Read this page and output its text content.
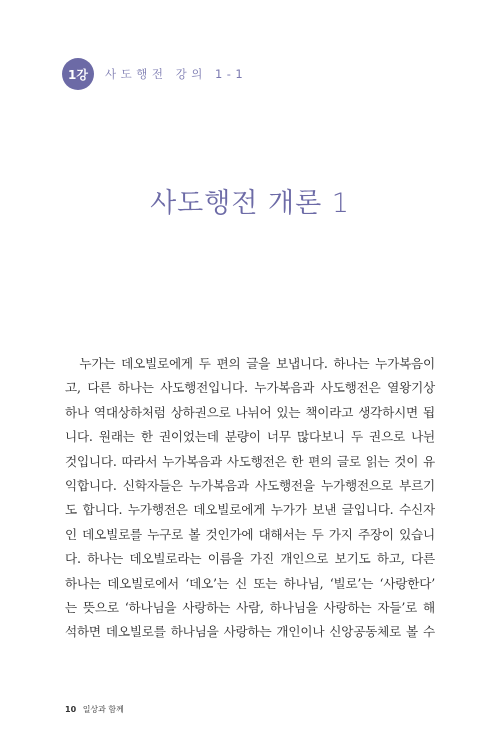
1강	사도행전 강의 1-1
사도행전 개론 1
　누가는 데오빌로에게 두 편의 글을 보냅니다. 하나는 누가복음이
고, 다른 하나는 사도행전입니다. 누가복음과 사도행전은 열왕기상
하나 역대상하처럼 상하권으로 나뉘어 있는 책이라고 생각하시면 됩
니다. 원래는 한 권이었는데 분량이 너무 많다보니 두 권으로 나뉜
것입니다. 따라서 누가복음과 사도행전은 한 편의 글로 읽는 것이 유
익합니다. 신학자들은 누가복음과 사도행전을 누가행전으로 부르기
도 합니다. 누가행전은 데오빌로에게 누가가 보낸 글입니다. 수신자
인 데오빌로를 누구로 볼 것인가에 대해서는 두 가지 주장이 있습니
다. 하나는 데오빌로라는 이름을 가진 개인으로 보기도 하고, 다른
하나는 데오빌로에서 ‘데오’는 신 또는 하나님, ‘빌로’는 ‘사랑한다’
는 뜻으로 ‘하나님을 사랑하는 사람, 하나님을 사랑하는 자들’로 해
석하면 데오빌로를 하나님을 사랑하는 개인이나 신앙공동체로 볼 수
10 일상과 함께
